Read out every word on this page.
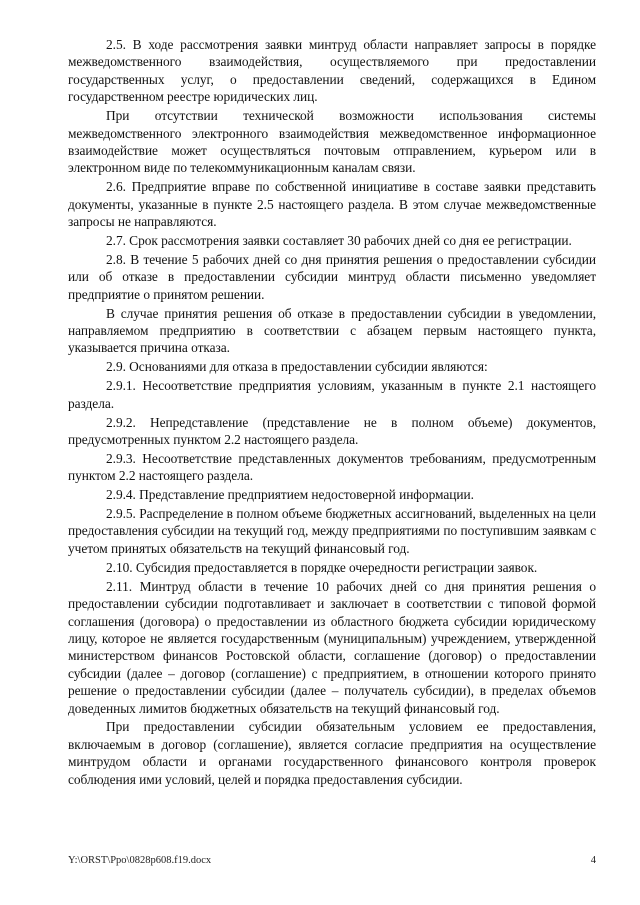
2.5. В ходе рассмотрения заявки минтруд области направляет запросы в порядке межведомственного взаимодействия, осуществляемого при предоставлении государственных услуг, о предоставлении сведений, содержащихся в Едином государственном реестре юридических лиц.

При отсутствии технической возможности использования системы межведомственного электронного взаимодействия межведомственное информационное взаимодействие может осуществляться почтовым отправлением, курьером или в электронном виде по телекоммуникационным каналам связи.

2.6. Предприятие вправе по собственной инициативе в составе заявки представить документы, указанные в пункте 2.5 настоящего раздела. В этом случае межведомственные запросы не направляются.

2.7. Срок рассмотрения заявки составляет 30 рабочих дней со дня ее регистрации.

2.8. В течение 5 рабочих дней со дня принятия решения о предоставлении субсидии или об отказе в предоставлении субсидии минтруд области письменно уведомляет предприятие о принятом решении.

В случае принятия решения об отказе в предоставлении субсидии в уведомлении, направляемом предприятию в соответствии с абзацем первым настоящего пункта, указывается причина отказа.

2.9. Основаниями для отказа в предоставлении субсидии являются:

2.9.1. Несоответствие предприятия условиям, указанным в пункте 2.1 настоящего раздела.

2.9.2. Непредставление (представление не в полном объеме) документов, предусмотренных пунктом 2.2 настоящего раздела.

2.9.3. Несоответствие представленных документов требованиям, предусмотренным пунктом 2.2 настоящего раздела.

2.9.4. Представление предприятием недостоверной информации.

2.9.5. Распределение в полном объеме бюджетных ассигнований, выделенных на цели предоставления субсидии на текущий год, между предприятиями по поступившим заявкам с учетом принятых обязательств на текущий финансовый год.

2.10. Субсидия предоставляется в порядке очередности регистрации заявок.

2.11. Минтруд области в течение 10 рабочих дней со дня принятия решения о предоставлении субсидии подготавливает и заключает в соответствии с типовой формой соглашения (договора) о предоставлении из областного бюджета субсидии юридическому лицу, которое не является государственным (муниципальным) учреждением, утвержденной министерством финансов Ростовской области, соглашение (договор) о предоставлении субсидии (далее – договор (соглашение) с предприятием, в отношении которого принято решение о предоставлении субсидии (далее – получатель субсидии), в пределах объемов доведенных лимитов бюджетных обязательств на текущий финансовый год.

При предоставлении субсидии обязательным условием ее предоставления, включаемым в договор (соглашение), является согласие предприятия на осуществление минтрудом области и органами государственного финансового контроля проверок соблюдения ими условий, целей и порядка предоставления субсидии.

Y:\ORST\Ppo\0828p608.f19.docx	4
